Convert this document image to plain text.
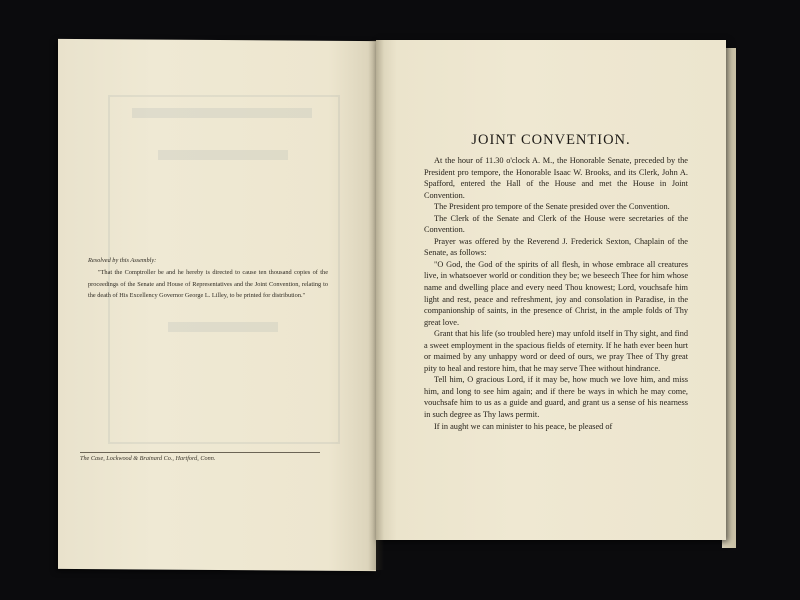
Resolved by this Assembly:
"That the Comptroller be and he hereby is directed to cause ten thousand copies of the proceedings of the Senate and House of Representatives and the Joint Convention, relating to the death of His Excellency Governor George L. Lilley, to be printed for distribution."
The Case, Lockwood & Brainard Co., Hartford, Conn.
JOINT CONVENTION.

At the hour of 11.30 o'clock A. M., the Honorable Senate, preceded by the President pro tempore, the Honorable Isaac W. Brooks, and its Clerk, John A. Spafford, entered the Hall of the House and met the House in Joint Convention.

The President pro tempore of the Senate presided over the Convention.

The Clerk of the Senate and Clerk of the House were secretaries of the Convention.

Prayer was offered by the Reverend J. Frederick Sexton, Chaplain of the Senate, as follows:

"O God, the God of the spirits of all flesh, in whose embrace all creatures live, in whatsoever world or condition they be; we beseech Thee for him whose name and dwelling place and every need Thou knowest; Lord, vouchsafe him light and rest, peace and refreshment, joy and consolation in Paradise, in the companionship of saints, in the presence of Christ, in the ample folds of Thy great love.

Grant that his life (so troubled here) may unfold itself in Thy sight, and find a sweet employment in the spacious fields of eternity. If he hath ever been hurt or maimed by any unhappy word or deed of ours, we pray Thee of Thy great pity to heal and restore him, that he may serve Thee without hindrance.

Tell him, O gracious Lord, if it may be, how much we love him, and miss him, and long to see him again; and if there be ways in which he may come, vouchsafe him to us as a guide and guard, and grant us a sense of his nearness in such degree as Thy laws permit.

If in aught we can minister to his peace, be pleased of
